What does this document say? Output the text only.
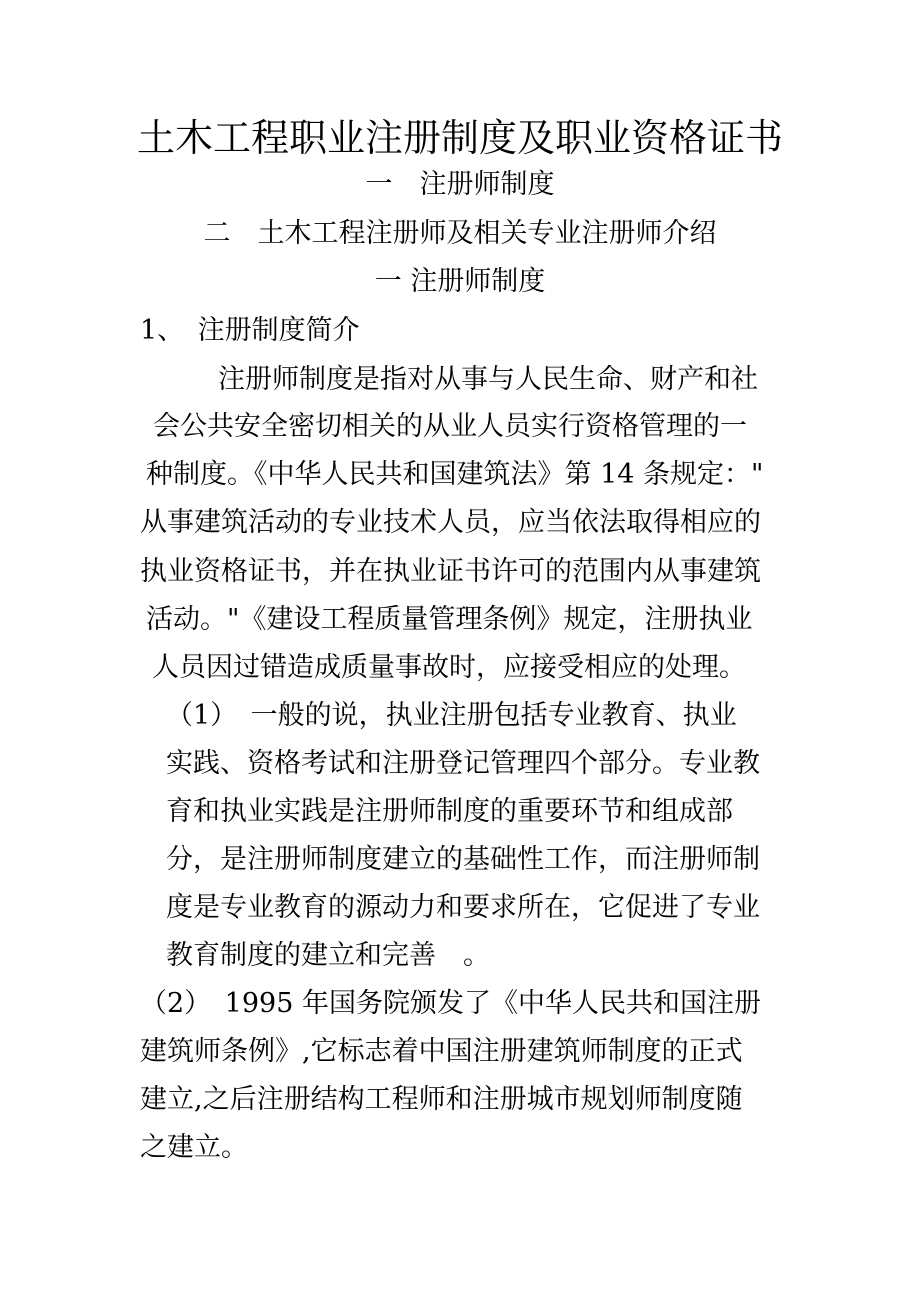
土木工程职业注册制度及职业资格证书
一　注册师制度
二　土木工程注册师及相关专业注册师介绍
一 注册师制度
1、　注册制度简介
注册师制度是指对从事与人民生命、财产和社
会公共安全密切相关的从业人员实行资格管理的一
种制度。《中华人民共和国建筑法》第 14 条规定："
从事建筑活动的专业技术人员，应当依法取得相应的
执业资格证书，并在执业证书许可的范围内从事建筑
活动。"《建设工程质量管理条例》规定，注册执业
人员因过错造成质量事故时，应接受相应的处理。
（1）　一般的说，执业注册包括专业教育、执业
实践、资格考试和注册登记管理四个部分。专业教
育和执业实践是注册师制度的重要环节和组成部
分，是注册师制度建立的基础性工作，而注册师制
度是专业教育的源动力和要求所在，它促进了专业
教育制度的建立和完善　。
（2）　1995 年国务院颁发了《中华人民共和国注册
建筑师条例》,它标志着中国注册建筑师制度的正式
建立,之后注册结构工程师和注册城市规划师制度随
之建立。
